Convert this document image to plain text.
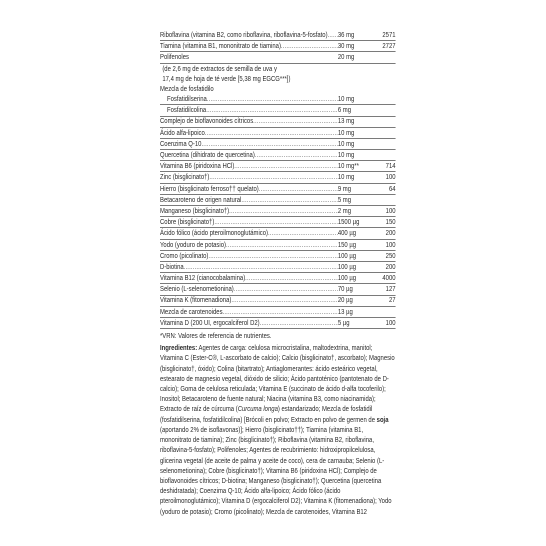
Riboflavina (vitamina B2, como riboflavina, riboflavina-5-fosfato) ..... 36 mg	2571
Tiamina (vitamina B1, mononitrato de tiamina) .....	30 mg	2727
Polifenoles	20 mg
(de 2,6 mg de extractos de semilla de uva y
17,4 mg de hoja de té verde [5,38 mg EGCG***])
Mezcla de fosfatidilo
Fosfatidilserina .....	10 mg
Fosfatidilcolina .....	6 mg
Complejo de bioflavonoides cítricos .....	13 mg
Ácido alfa-lipoico .....	10 mg
Coenzima Q-10 .....	10 mg
Quercetina (dihidrato de quercetina) .....	10 mg
Vitamina B6 (piridoxina HCl) .....	10 mg**	714
Zinc (bisglicinato†) .....	10 mg	100
Hierro (bisglicinato ferroso†† quelato) .....	9 mg	64
Betacaroteno de origen natural .....	5 mg
Manganeso (bisglicinato†) .....	2 mg	100
Cobre (bisglicinato†) .....	1500 µg	150
Ácido fólico (ácido pteroilmonoglutámico) .....	400 µg	200
Yodo (yoduro de potasio) .....	150 µg	100
Cromo (picolinato) .....	100 µg	250
D-biotina .....	100 µg	200
Vitamina B12 (cianocobalamina) .....	100 µg	4000
Selenio (L-selenometionina) .....	70 µg	127
Vitamina K (fitomenadiona) .....	20 µg	27
Mezcla de carotenoides .....	13 µg
Vitamina D (200 UI, ergocalciferol D2) .....	5 µg	100
*VRN: Valores de referencia de nutrientes.
Ingredientes: Agentes de carga: celulosa microcristalina, maltodextrina, manitol; Vitamina C (Ester-C®, L-ascorbato de calcio); Calcio (bisglicinato†, ascorbato); Magnesio (bisglicinato†, óxido); Colina (bitartrato); Antiaglomerantes: ácido esteárico vegetal, estearato de magnesio vegetal, dióxido de silicio; Ácido pantoténico (pantotenato de D-calcio); Goma de celulosa reticulada; Vitamina E (succinato de ácido d-alfa tocoferilo); Inositol; Betacaroteno de fuente natural; Niacina (vitamina B3, como niacinamida); Extracto de raíz de cúrcuma (Curcuma longa) estandarizado; Mezcla de fosfatidil (fosfatidilserina, fosfatidilcolina) [Brócoli en polvo; Extracto en polvo de germen de soja (aportando 2% de isoflavonas)]; Hierro (bisglicinato††); Tiamina (vitamina B1, mononitrato de tiamina); Zinc (bisglicinato†); Riboflavina (vitamina B2, riboflavina, riboflavina-5-fosfato); Polifenoles; Agentes de recubrimiento: hidroxipropilcelulosa, glicerina vegetal (de aceite de palma y aceite de coco), cera de carnauba; Selenio (L-selenometionina); Cobre (bisglicinato†); Vitamina B6 (piridoxina HCl); Complejo de bioflavonoides cítricos; D-biotina; Manganeso (bisglicinato†); Quercetina (quercetina deshidratada); Coenzima Q-10; Ácido alfa-lipoico; Ácido fólico (ácido pteroilmonoglutámico); Vitamina D (ergocalciferol D2); Vitamina K (fitomenadiona); Yodo (yoduro de potasio); Cromo (picolinato); Mezcla de carotenoides, Vitamina B12
